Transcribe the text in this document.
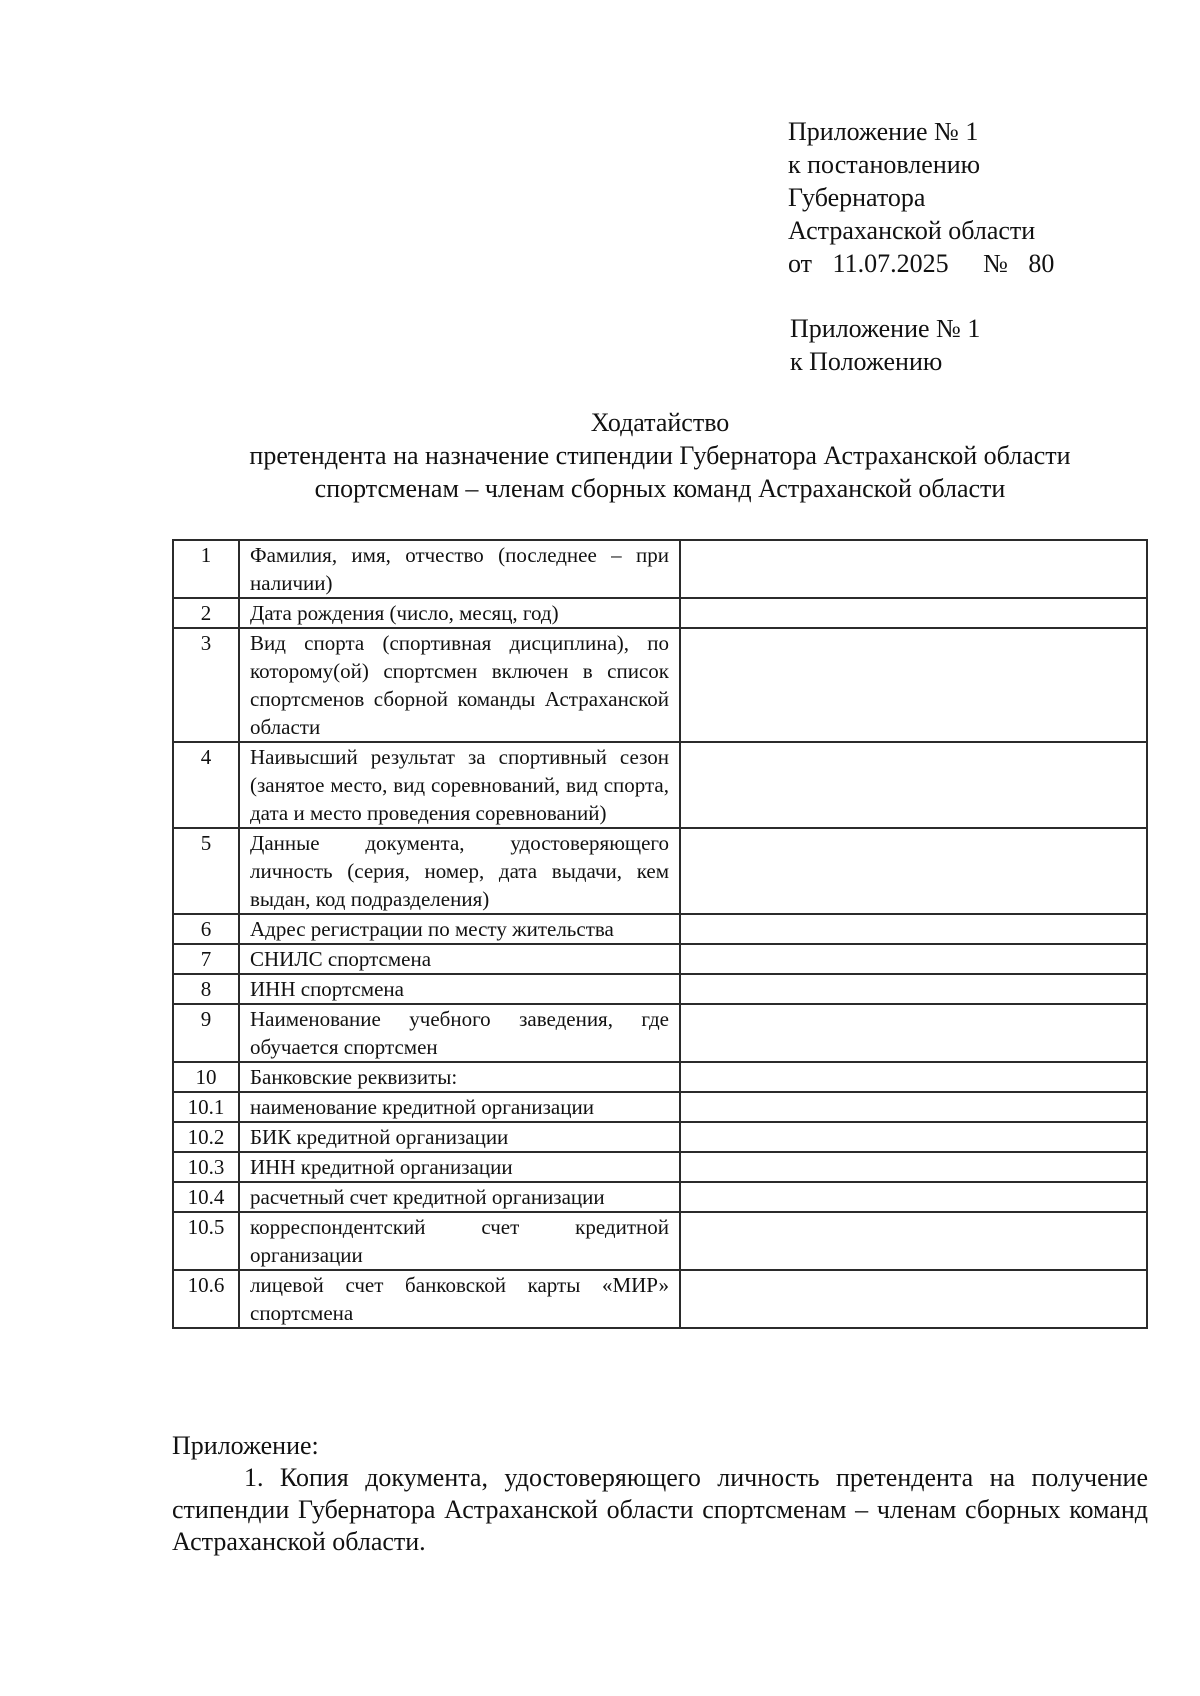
Приложение № 1
к постановлению
Губернатора
Астраханской области
от 11.07.2025 № 80
Приложение № 1
к Положению
Ходатайство
претендента на назначение стипендии Губернатора Астраханской области
спортсменам – членам сборных команд Астраханской области
1	Фамилия, имя, отчество (последнее – при наличии)	
2	Дата рождения (число, месяц, год)	
3	Вид спорта (спортивная дисциплина), по которому(ой) спортсмен включен в список спортсменов сборной команды Астраханской области	
4	Наивысший результат за спортивный сезон (занятое место, вид соревнований, вид спорта, дата и место проведения соревнований)	
5	Данные документа, удостоверяющего личность (серия, номер, дата выдачи, кем выдан, код подразделения)	
6	Адрес регистрации по месту жительства	
7	СНИЛС спортсмена	
8	ИНН спортсмена	
9	Наименование учебного заведения, где обучается спортсмен	
10	Банковские реквизиты:	
10.1	наименование кредитной организации	
10.2	БИК кредитной организации	
10.3	ИНН кредитной организации	
10.4	расчетный счет кредитной организации	
10.5	корреспондентский счет кредитной организации	
10.6	лицевой счет банковской карты «МИР» спортсмена	
Приложение:
1. Копия документа, удостоверяющего личность претендента на получение стипендии Губернатора Астраханской области спортсменам – членам сборных команд Астраханской области.
